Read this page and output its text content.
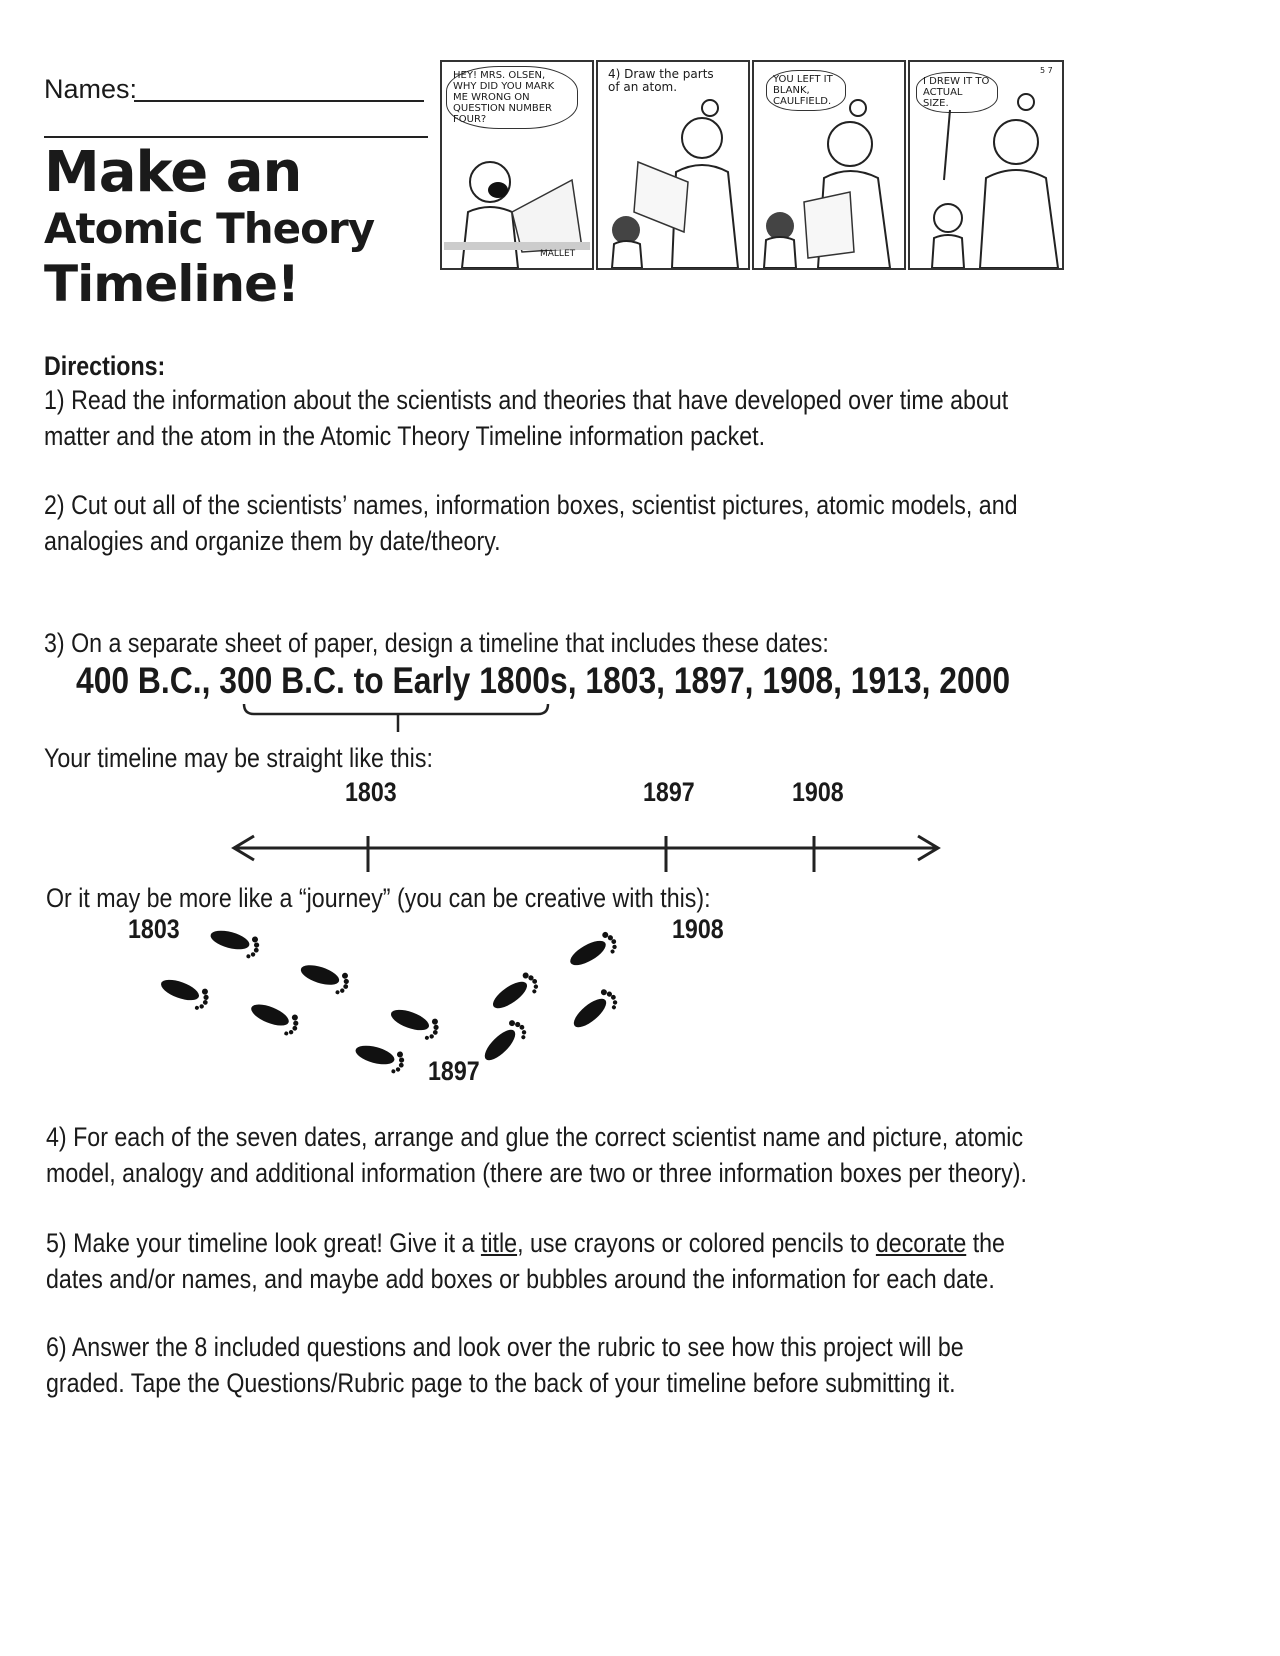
Names:
Make an
Atomic Theory
Timeline!
HEY! MRS. OLSEN, WHY DID YOU MARK ME WRONG ON QUESTION NUMBER FOUR?
MALLET
4) Draw the parts of an atom.
YOU LEFT IT BLANK, CAULFIELD.
I DREW IT TO ACTUAL SIZE.
5 7
Directions:
1) Read the information about the scientists and theories that have developed over time about
matter and the atom in the Atomic Theory Timeline information packet.
2) Cut out all of the scientists’ names, information boxes, scientist pictures, atomic models, and
analogies and organize them by date/theory.
3) On a separate sheet of paper, design a timeline that includes these dates:
400 B.C., 300 B.C. to Early 1800s, 1803, 1897, 1908, 1913, 2000
Your timeline may be straight like this:
1803	1897	1908
Or it may be more like a “journey” (you can be creative with this):
1803	1908
1897
4) For each of the seven dates, arrange and glue the correct scientist name and picture, atomic
model, analogy and additional information (there are two or three information boxes per theory).
5) Make your timeline look great! Give it a title, use crayons or colored pencils to decorate the
dates and/or names, and maybe add boxes or bubbles around the information for each date.
6) Answer the 8 included questions and look over the rubric to see how this project will be
graded. Tape the Questions/Rubric page to the back of your timeline before submitting it.
